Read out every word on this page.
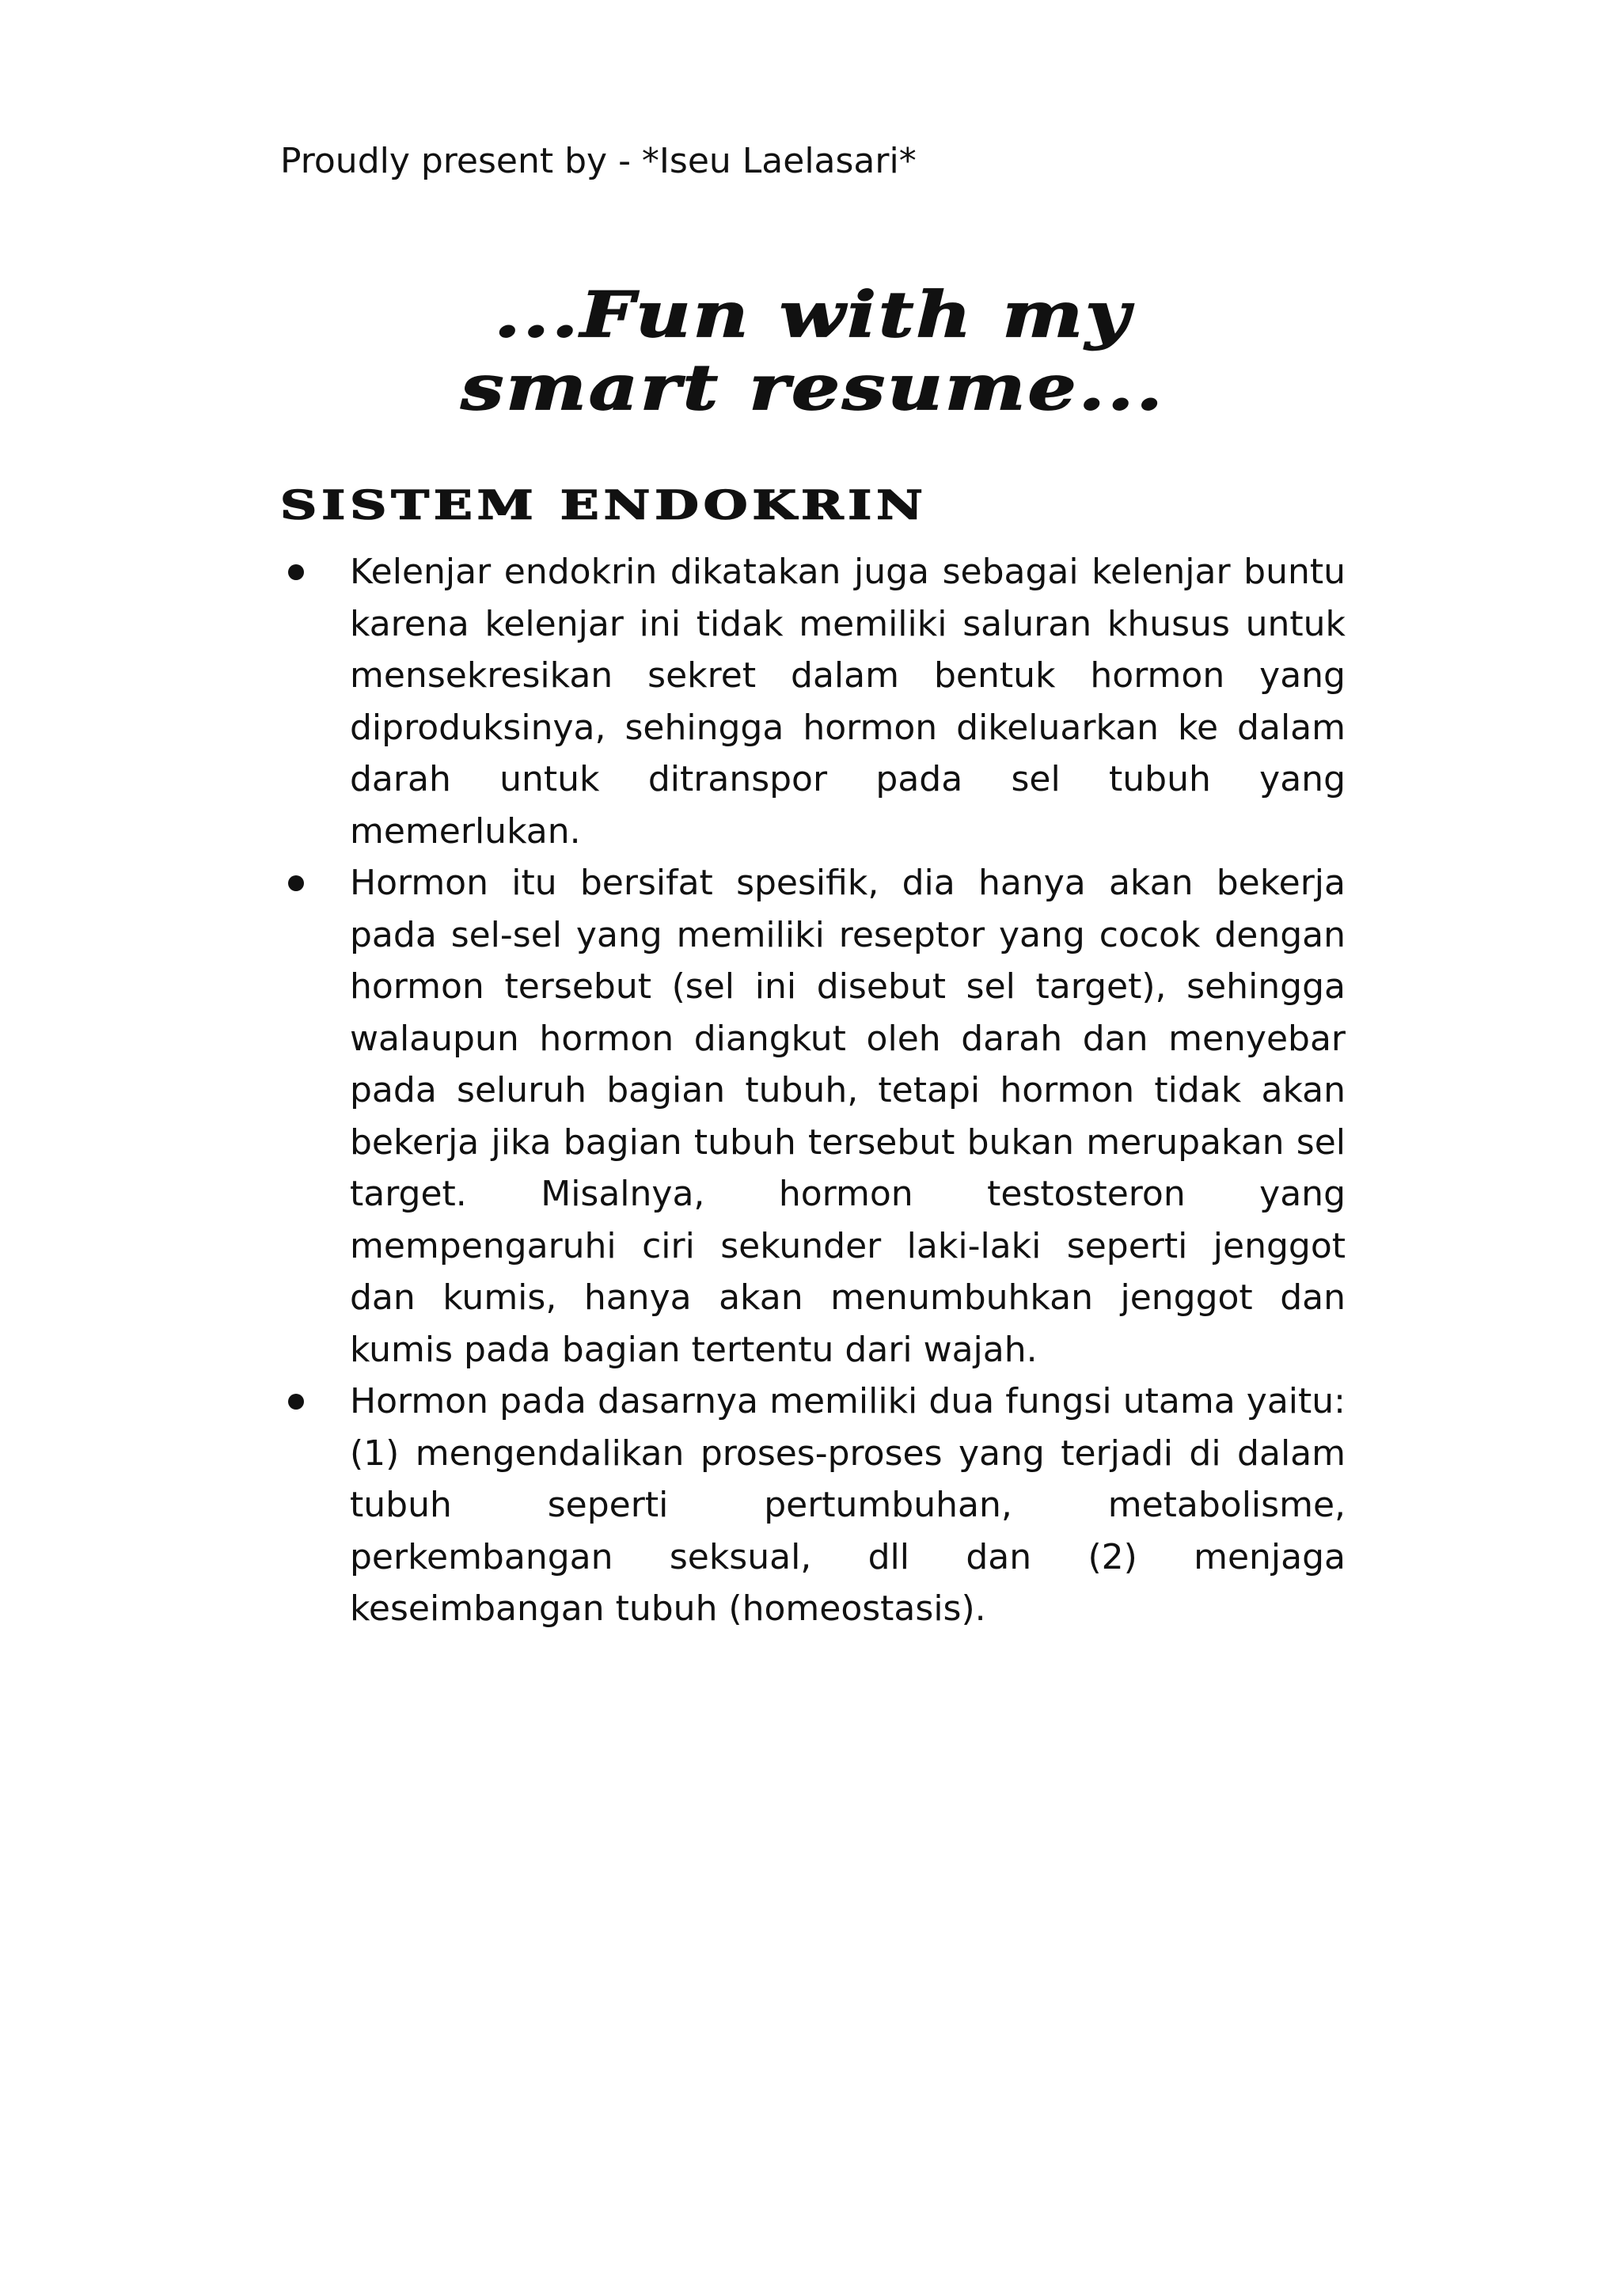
Proudly present by - *Iseu Laelasari*
...Fun with my
smart resume...
SISTEM ENDOKRIN
Kelenjar endokrin dikatakan juga sebagai kelenjar buntu karena kelenjar ini tidak memiliki saluran khusus untuk mensekresikan sekret dalam bentuk hormon yang diproduksinya, sehingga hormon dikeluarkan ke dalam darah untuk ditranspor pada sel tubuh yang memerlukan.
Hormon itu bersifat spesifik, dia hanya akan bekerja pada sel-sel yang memiliki reseptor yang cocok dengan hormon tersebut (sel ini disebut sel target), sehingga walaupun hormon diangkut oleh darah dan menyebar pada seluruh bagian tubuh, tetapi hormon tidak akan bekerja jika bagian tubuh tersebut bukan merupakan sel target. Misalnya, hormon testosteron yang mempengaruhi ciri sekunder laki-laki seperti jenggot dan kumis, hanya akan menumbuhkan jenggot dan kumis pada bagian tertentu dari wajah.
Hormon pada dasarnya memiliki dua fungsi utama yaitu: (1) mengendalikan proses-proses yang terjadi di dalam tubuh seperti pertumbuhan, metabolisme, perkembangan seksual, dll dan (2) menjaga keseimbangan tubuh (homeostasis).
